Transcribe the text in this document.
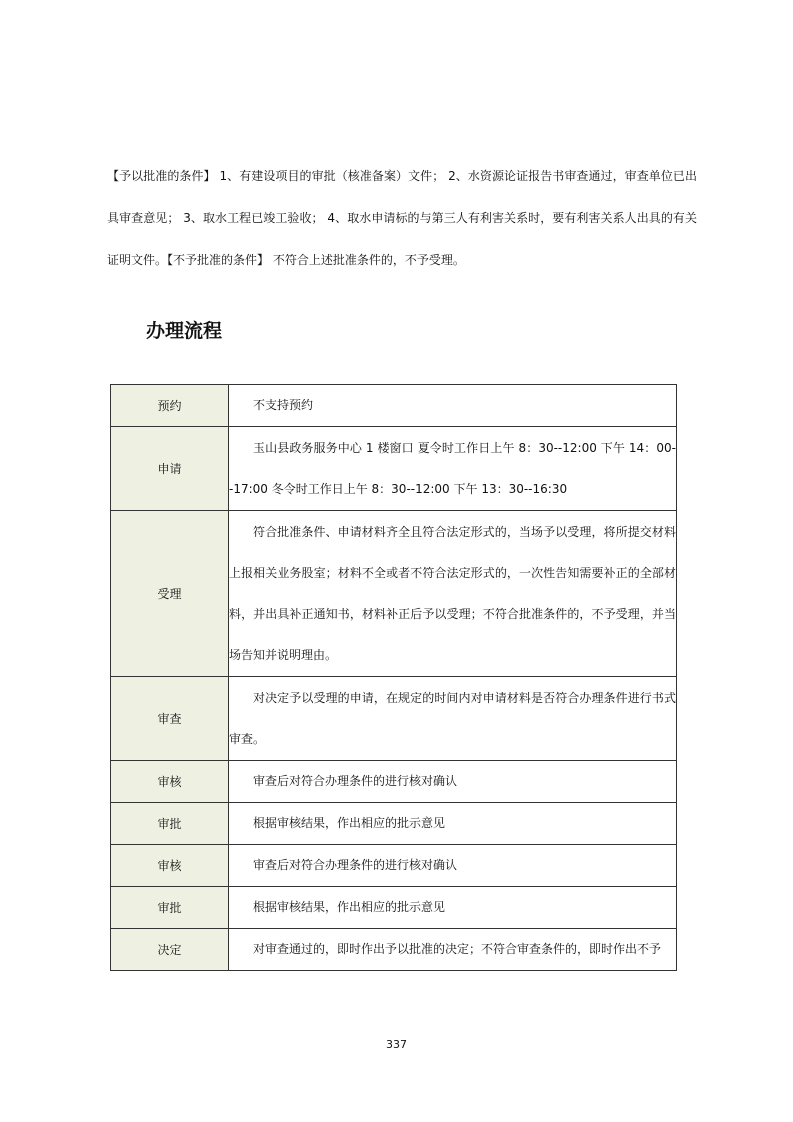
【予以批准的条件】 1、有建设项目的审批（核准备案）文件； 2、水资源论证报告书审查通过，审查单位已出具审查意见； 3、取水工程已竣工验收； 4、取水申请标的与第三人有利害关系时，要有利害关系人出具的有关证明文件。【不予批准的条件】 不符合上述批准条件的，不予受理。

办理流程
预约	不支持预约

申请	玉山县政务服务中心 1 楼窗口 夏令时工作日上午 8：30--12:00 下午 14：00--17:00 冬令时工作日上午 8：30--12:00 下午 13：30--16:30

受理	符合批准条件、申请材料齐全且符合法定形式的，当场予以受理，将所提交材料上报相关业务股室；材料不全或者不符合法定形式的，一次性告知需要补正的全部材料，并出具补正通知书，材料补正后予以受理；不符合批准条件的，不予受理，并当场告知并说明理由。

审查	对决定予以受理的申请，在规定的时间内对申请材料是否符合办理条件进行书式审查。

审核	审查后对符合办理条件的进行核对确认

审批	根据审核结果，作出相应的批示意见

审核	审查后对符合办理条件的进行核对确认

审批	根据审核结果，作出相应的批示意见

决定	对审查通过的，即时作出予以批准的决定；不符合审查条件的，即时作出不予

337
